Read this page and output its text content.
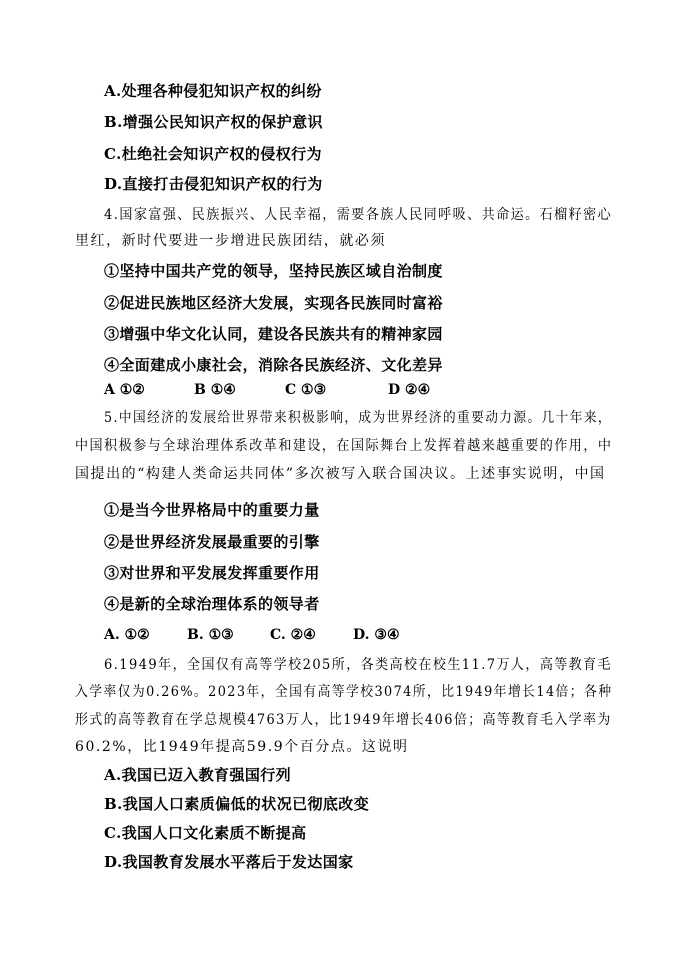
A.处理各种侵犯知识产权的纠纷
B.增强公民知识产权的保护意识
C.杜绝社会知识产权的侵权行为
D.直接打击侵犯知识产权的行为
4.国家富强、民族振兴、人民幸福，需要各族人民同呼吸、共命运。石榴籽密心
里红，新时代要进一步增进民族团结，就必须
①坚持中国共产党的领导，坚持民族区域自治制度
②促进民族地区经济大发展，实现各民族同时富裕
③增强中华文化认同，建设各民族共有的精神家园
④全面建成小康社会，消除各民族经济、文化差异
A ①②	B ①④	C ①③	D ②④
5.中国经济的发展给世界带来积极影响，成为世界经济的重要动力源。几十年来，
中国积极参与全球治理体系改革和建设，在国际舞台上发挥着越来越重要的作用，中
国提出的“构建人类命运共同体”多次被写入联合国决议。上述事实说明，中国
①是当今世界格局中的重要力量
②是世界经济发展最重要的引擎
③对世界和平发展发挥重要作用
④是新的全球治理体系的领导者
A. ①②	B. ①③	C. ②④	D. ③④
6.1949年，全国仅有高等学校205所，各类高校在校生11.7万人，高等教育毛
入学率仅为0.26%。2023年，全国有高等学校3074所，比1949年增长14倍；各种
形式的高等教育在学总规模4763万人，比1949年增长406倍；高等教育毛入学率为
60.2%，比1949年提高59.9个百分点。这说明
A.我国已迈入教育强国行列
B.我国人口素质偏低的状况已彻底改变
C.我国人口文化素质不断提高
D.我国教育发展水平落后于发达国家
